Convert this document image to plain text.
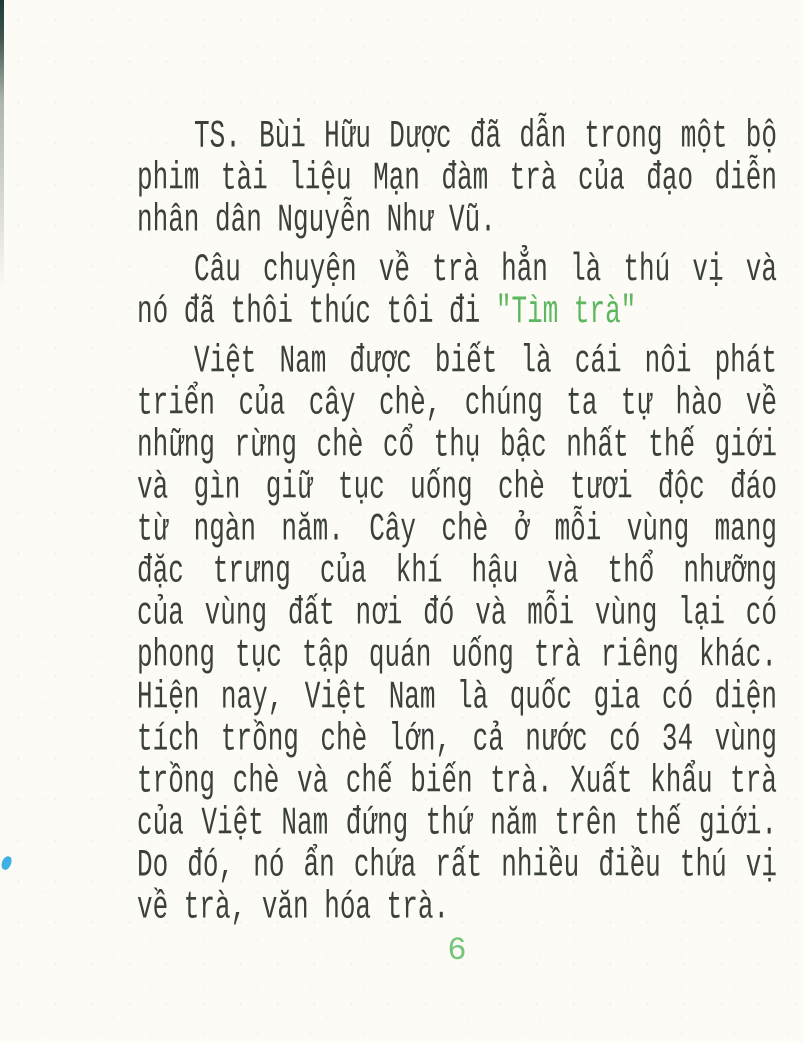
TS. Bùi Hữu Dược đã dẫn trong một bộ
phim tài liệu Mạn đàm trà của đạo diễn
nhân dân Nguyễn Như Vũ.
Câu chuyện về trà hẳn là thú vị và
nó đã thôi thúc tôi đi "Tìm trà"
Việt Nam được biết là cái nôi phát
triển của cây chè, chúng ta tự hào về
những rừng chè cổ thụ bậc nhất thế giới
và gìn giữ tục uống chè tươi độc đáo
từ ngàn năm. Cây chè ở mỗi vùng mang
đặc trưng của khí hậu và thổ nhưỡng
của vùng đất nơi đó và mỗi vùng lại có
phong tục tập quán uống trà riêng khác.
Hiện nay, Việt Nam là quốc gia có diện
tích trồng chè lớn, cả nước có 34 vùng
trồng chè và chế biến trà. Xuất khẩu trà
của Việt Nam đứng thứ năm trên thế giới.
Do đó, nó ẩn chứa rất nhiều điều thú vị
về trà, văn hóa trà.
6
